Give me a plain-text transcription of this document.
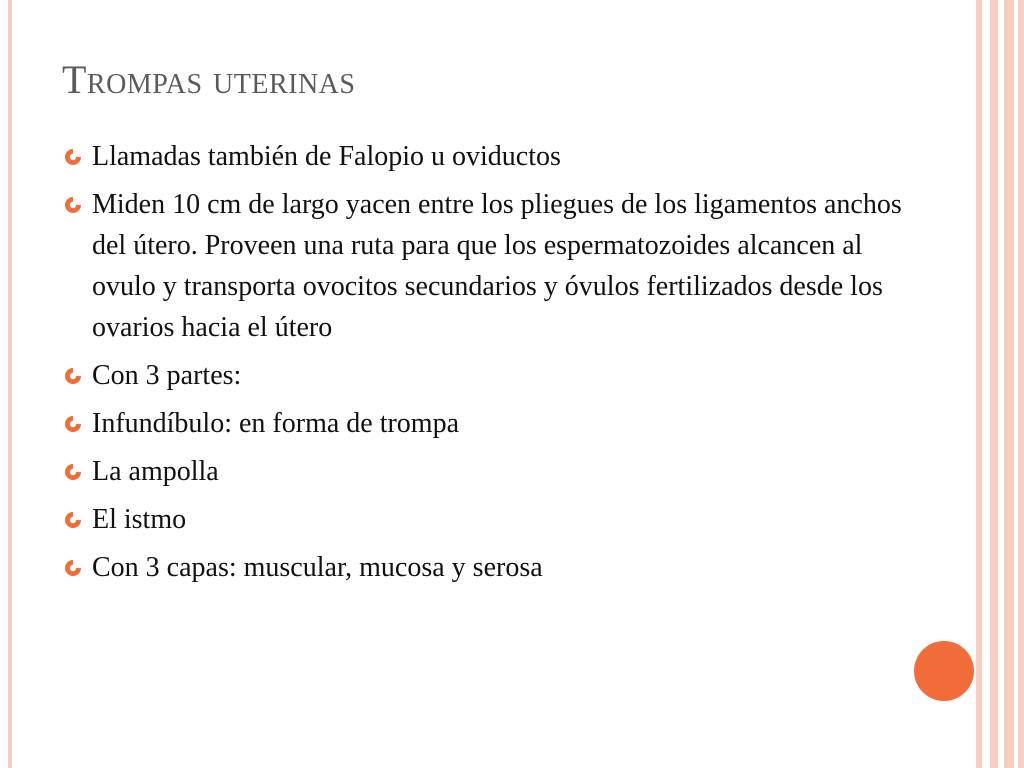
Trompas uterinas
Llamadas también de Falopio u oviductos
Miden 10 cm de largo yacen entre los pliegues de los ligamentos anchos del útero. Proveen una ruta para que los espermatozoides alcancen al ovulo y transporta ovocitos secundarios y óvulos fertilizados desde los ovarios hacia el útero
Con 3 partes:
Infundíbulo: en forma de trompa
La ampolla
El istmo
Con 3 capas: muscular, mucosa y serosa
